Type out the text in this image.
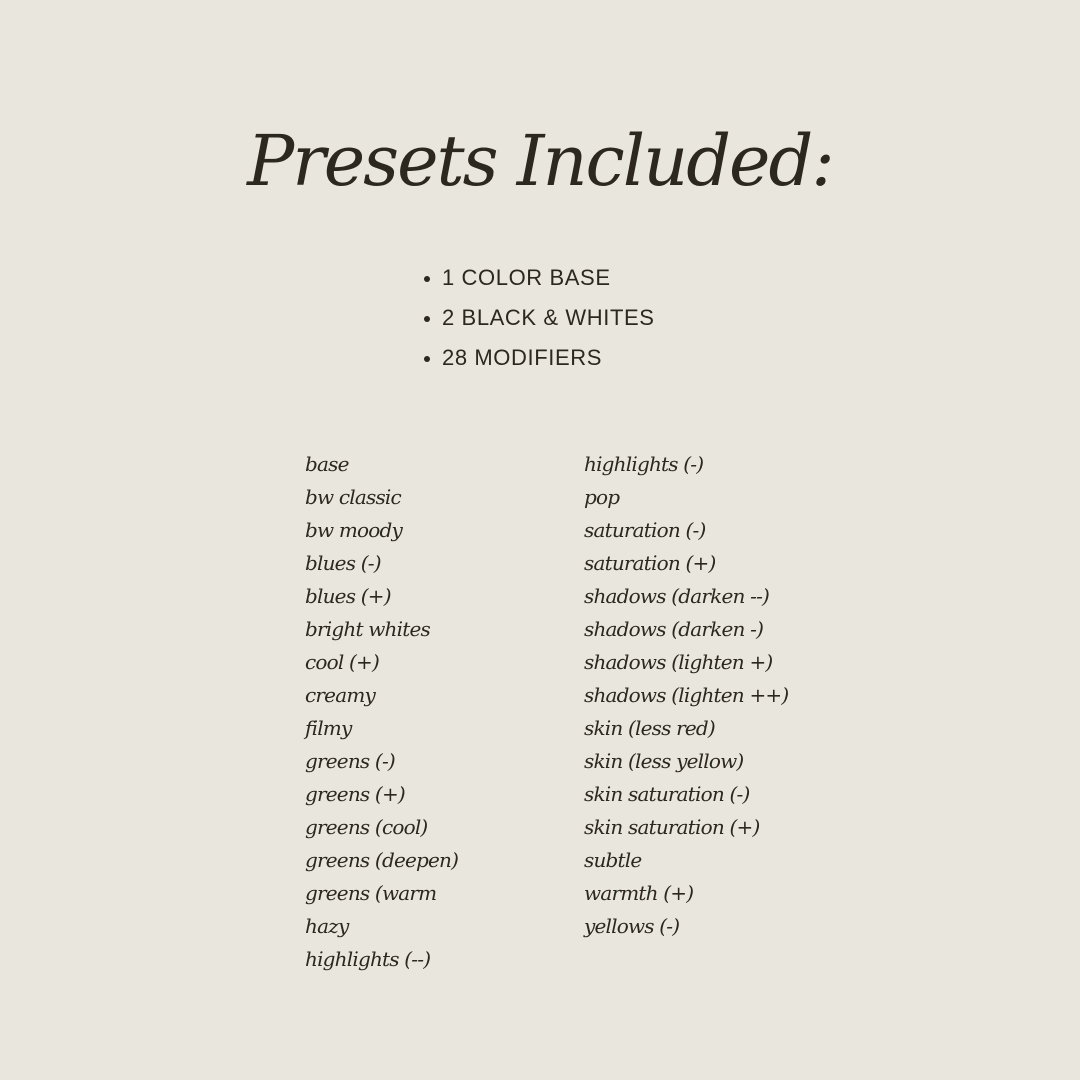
Presets Included:
1 COLOR BASE
2 BLACK & WHITES
28 MODIFIERS
base
bw classic
bw moody
blues (-)
blues (+)
bright whites
cool (+)
creamy
filmy
greens (-)
greens (+)
greens (cool)
greens (deepen)
greens (warm
hazy
highlights (--)
highlights (-)
pop
saturation (-)
saturation (+)
shadows (darken --)
shadows (darken -)
shadows (lighten +)
shadows (lighten ++)
skin (less red)
skin (less yellow)
skin saturation (-)
skin saturation (+)
subtle
warmth (+)
yellows (-)
